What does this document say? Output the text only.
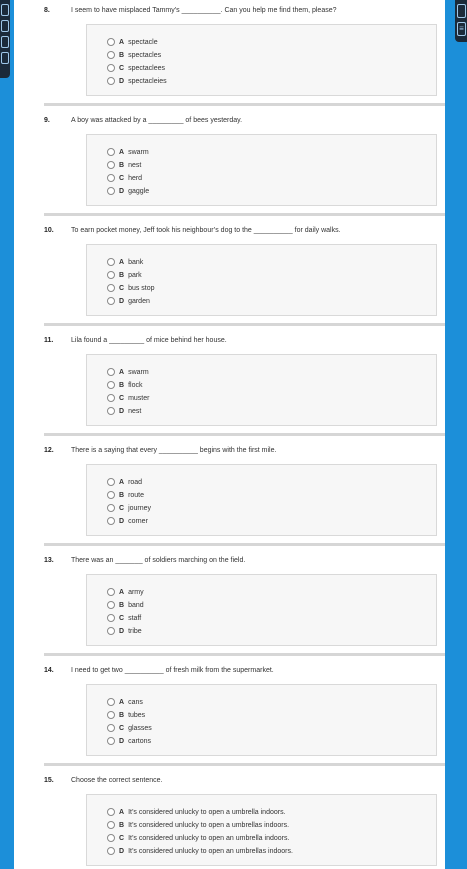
8.	I seem to have misplaced Tammy’s __________. Can you help me find them, please?
A spectacle
B spectacles
C spectaclees
D spectacleies
9.	A boy was attacked by a _________ of bees yesterday.
A swarm
B nest
C herd
D gaggle
10. To earn pocket money, Jeff took his neighbour’s dog to the __________ for daily walks.
A bank
B park
C bus stop
D garden
11.	Lila found a _________ of mice behind her house.
A swarm
B flock
C muster
D nest
12. There is a saying that every __________ begins with the first mile.
A road
B route
C journey
D corner
13. There was an _______ of soldiers marching on the field.
A army
B band
C staff
D tribe
14. I need to get two __________ of fresh milk from the supermarket.
A cans
B tubes
C glasses
D cartons
15. Choose the correct sentence.
A It’s considered unlucky to open a umbrella indoors.
B It’s considered unlucky to open a umbrellas indoors.
C It’s considered unlucky to open an umbrella indoors.
D It’s considered unlucky to open an umbrellas indoors.
≡
